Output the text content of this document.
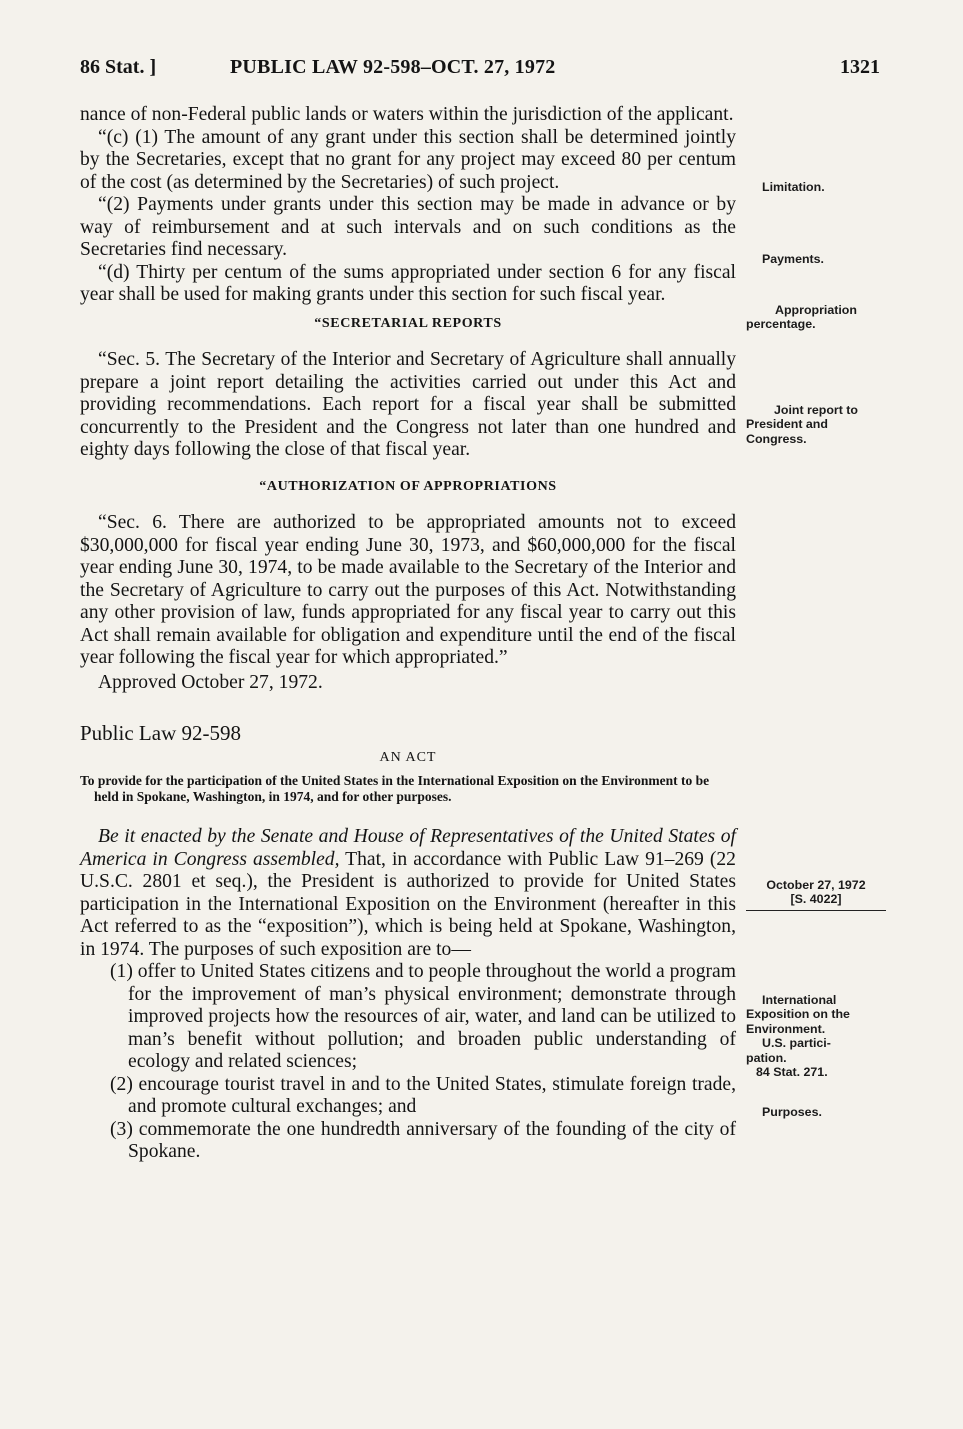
86 Stat. ]	PUBLIC LAW 92-598–OCT. 27, 1972	1321

nance of non-Federal public lands or waters within the jurisdiction of the applicant.

“(c) (1) The amount of any grant under this section shall be determined jointly by the Secretaries, except that no grant for any project may exceed 80 per centum of the cost (as determined by the Secretaries) of such project.

“(2) Payments under grants under this section may be made in advance or by way of reimbursement and at such intervals and on such conditions as the Secretaries find necessary.

“(d) Thirty per centum of the sums appropriated under section 6 for any fiscal year shall be used for making grants under this section for such fiscal year.

“SECRETARIAL REPORTS

“Sec. 5. The Secretary of the Interior and Secretary of Agriculture shall annually prepare a joint report detailing the activities carried out under this Act and providing recommendations. Each report for a fiscal year shall be submitted concurrently to the President and the Congress not later than one hundred and eighty days following the close of that fiscal year.

“AUTHORIZATION OF APPROPRIATIONS

“Sec. 6. There are authorized to be appropriated amounts not to exceed $30,000,000 for fiscal year ending June 30, 1973, and $60,000,000 for the fiscal year ending June 30, 1974, to be made available to the Secretary of the Interior and the Secretary of Agriculture to carry out the purposes of this Act. Notwithstanding any other provision of law, funds appropriated for any fiscal year to carry out this Act shall remain available for obligation and expenditure until the end of the fiscal year following the fiscal year for which appropriated.”

Approved October 27, 1972.

Public Law 92-598
AN ACT

To provide for the participation of the United States in the International Exposition on the Environment to be held in Spokane, Washington, in 1974, and for other purposes.

Be it enacted by the Senate and House of Representatives of the United States of America in Congress assembled, That, in accordance with Public Law 91–269 (22 U.S.C. 2801 et seq.), the President is authorized to provide for United States participation in the International Exposition on the Environment (hereafter in this Act referred to as the “exposition”), which is being held at Spokane, Washington, in 1974. The purposes of such exposition are to—

(1) offer to United States citizens and to people throughout the world a program for the improvement of man’s physical environment; demonstrate through improved projects how the resources of air, water, and land can be utilized to man’s benefit without pollution; and broaden public understanding of ecology and related sciences;

(2) encourage tourist travel in and to the United States, stimulate foreign trade, and promote cultural exchanges; and

(3) commemorate the one hundredth anniversary of the founding of the city of Spokane.

Limitation.
Payments.
Appropriation
percentage.
Joint report to
President and
Congress.
October 27, 1972
[S. 4022]
International
Exposition on the
Environment.
U.S. partici-
pation.
84 Stat. 271.
Purposes.
